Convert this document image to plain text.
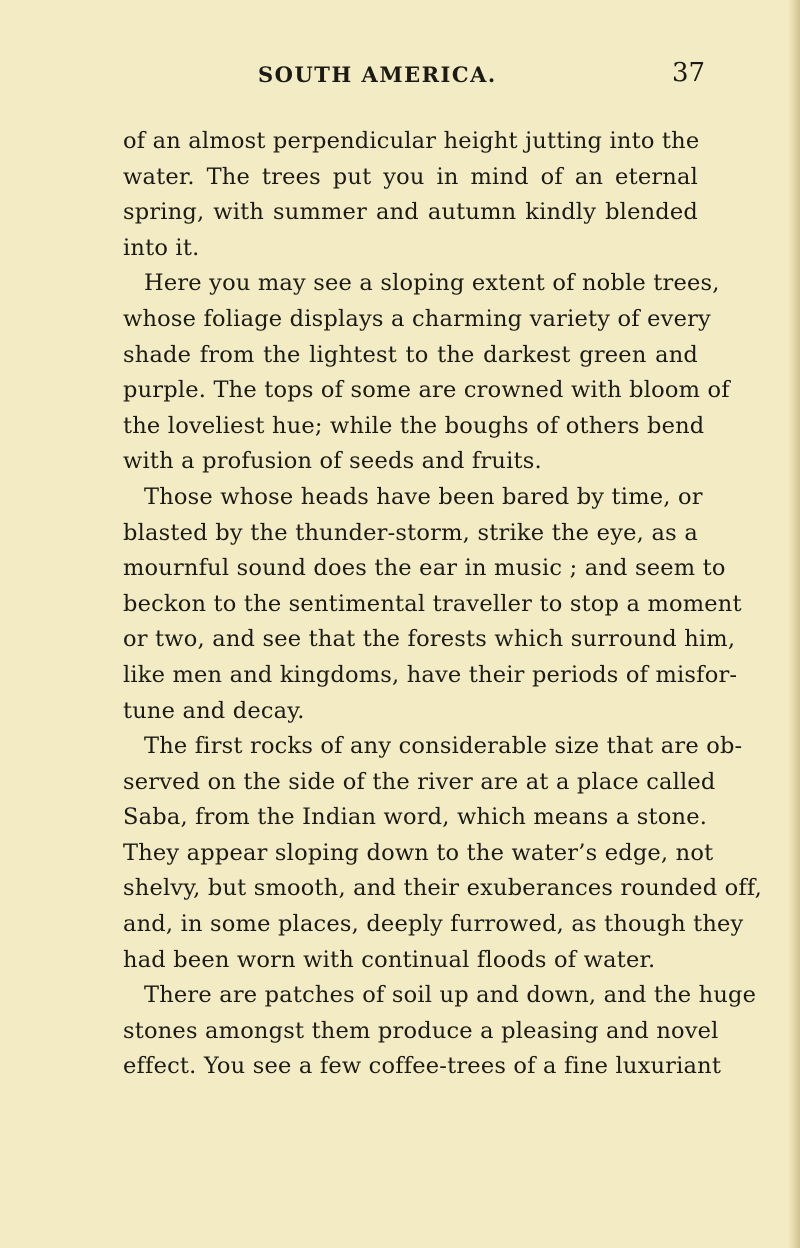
SOUTH AMERICA.	37
of an almost perpendicular height jutting into the
water. The trees put you in mind of an eternal
spring, with summer and autumn kindly blended
into it.
Here you may see a sloping extent of noble trees,
whose foliage displays a charming variety of every
shade from the lightest to the darkest green and
purple. The tops of some are crowned with bloom of
the loveliest hue; while the boughs of others bend
with a profusion of seeds and fruits.
Those whose heads have been bared by time, or
blasted by the thunder-storm, strike the eye, as a
mournful sound does the ear in music ; and seem to
beckon to the sentimental traveller to stop a moment
or two, and see that the forests which surround him,
like men and kingdoms, have their periods of misfor-
tune and decay.
The first rocks of any considerable size that are ob-
served on the side of the river are at a place called
Saba, from the Indian word, which means a stone.
They appear sloping down to the water’s edge, not
shelvy, but smooth, and their exuberances rounded off,
and, in some places, deeply furrowed, as though they
had been worn with continual floods of water.
There are patches of soil up and down, and the huge
stones amongst them produce a pleasing and novel
effect. You see a few coffee-trees of a fine luxuriant
